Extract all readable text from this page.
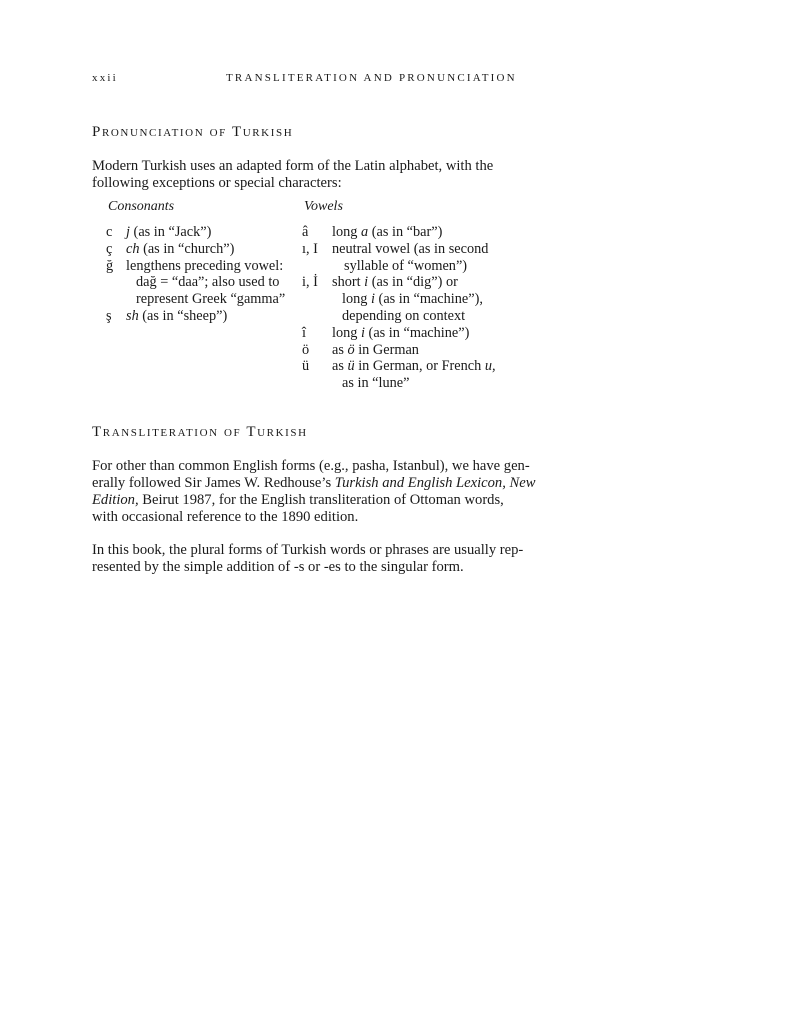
xxii	TRANSLITERATION AND PRONUNCIATION
Pronunciation of Turkish
Modern Turkish uses an adapted form of the Latin alphabet, with the
following exceptions or special characters:
Consonants	Vowels
c j (as in “Jack”)
ç ch (as in “church”)
ğ lengthens preceding vowel:
dağ = “daa”; also used to
represent Greek “gamma”
ş sh (as in “sheep”)
â long a (as in “bar”)
ı, I neutral vowel (as in second
syllable of “women”)
i, İ short i (as in “dig”) or
long i (as in “machine”),
depending on context
î long i (as in “machine”)
ö as ö in German
ü as ü in German, or French u,
as in “lune”
Transliteration of Turkish
For other than common English forms (e.g., pasha, Istanbul), we have gen-
erally followed Sir James W. Redhouse’s Turkish and English Lexicon, New
Edition, Beirut 1987, for the English transliteration of Ottoman words,
with occasional reference to the 1890 edition.
In this book, the plural forms of Turkish words or phrases are usually rep-
resented by the simple addition of -s or -es to the singular form.
